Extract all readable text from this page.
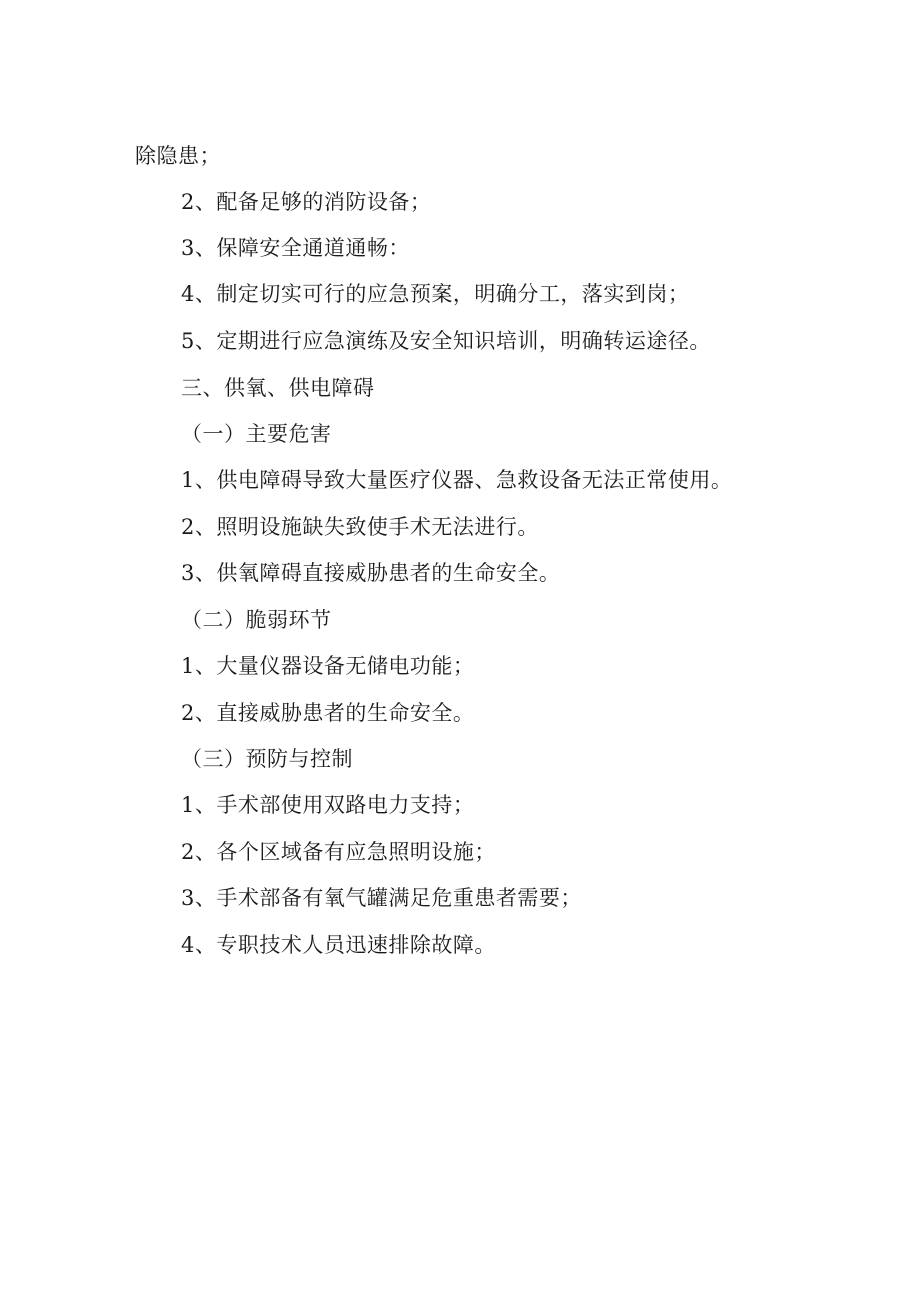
除隐患；
2、配备足够的消防设备；
3、保障安全通道通畅：
4、制定切实可行的应急预案，明确分工，落实到岗；
5、定期进行应急演练及安全知识培训，明确转运途径。
三、供氧、供电障碍
（一）主要危害
1、供电障碍导致大量医疗仪器、急救设备无法正常使用。
2、照明设施缺失致使手术无法进行。
3、供氧障碍直接威胁患者的生命安全。
（二）脆弱环节
1、大量仪器设备无储电功能；
2、直接威胁患者的生命安全。
（三）预防与控制
1、手术部使用双路电力支持；
2、各个区域备有应急照明设施；
3、手术部备有氧气罐满足危重患者需要；
4、专职技术人员迅速排除故障。
